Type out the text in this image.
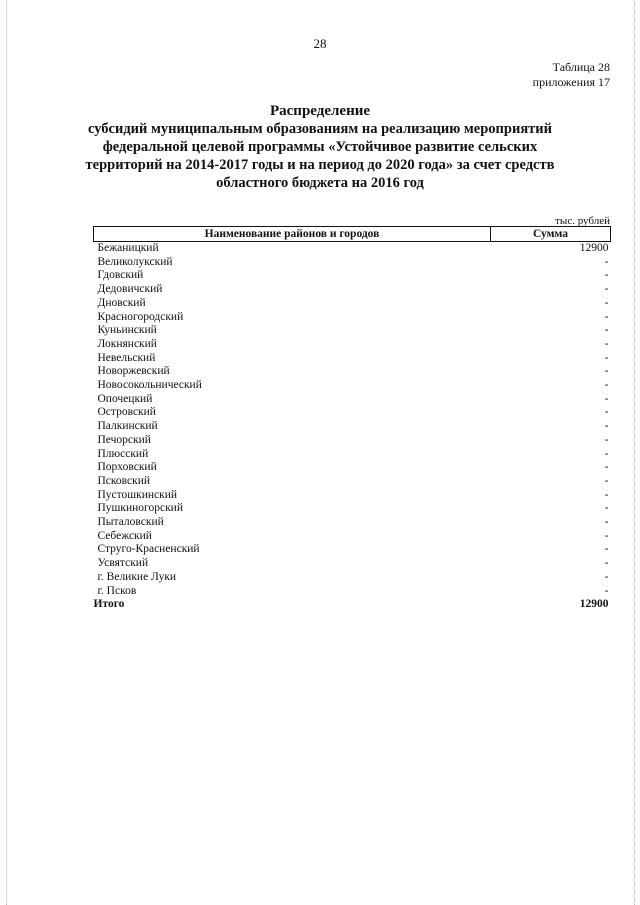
28
Таблица 28
приложения 17
Распределение
субсидий муниципальным образованиям на реализацию мероприятий
федеральной целевой программы «Устойчивое развитие сельских
территорий на 2014-2017 годы и на период до 2020 года» за счет средств
областного бюджета на 2016 год
тыс. рублей
Наименование районов и городов	Сумма
Бежаницкий	12900
Великолукский	-
Гдовский	-
Дедовичский	-
Дновский	-
Красногородский	-
Куньинский	-
Локнянский	-
Невельский	-
Новоржевский	-
Новосокольнический	-
Опочецкий	-
Островский	-
Палкинский	-
Печорский	-
Плюсский	-
Порховский	-
Псковский	-
Пустошкинский	-
Пушкиногорский	-
Пыталовский	-
Себежский	-
Струго-Красненский	-
Усвятский	-
г. Великие Луки	-
г. Псков	-
Итого	12900
